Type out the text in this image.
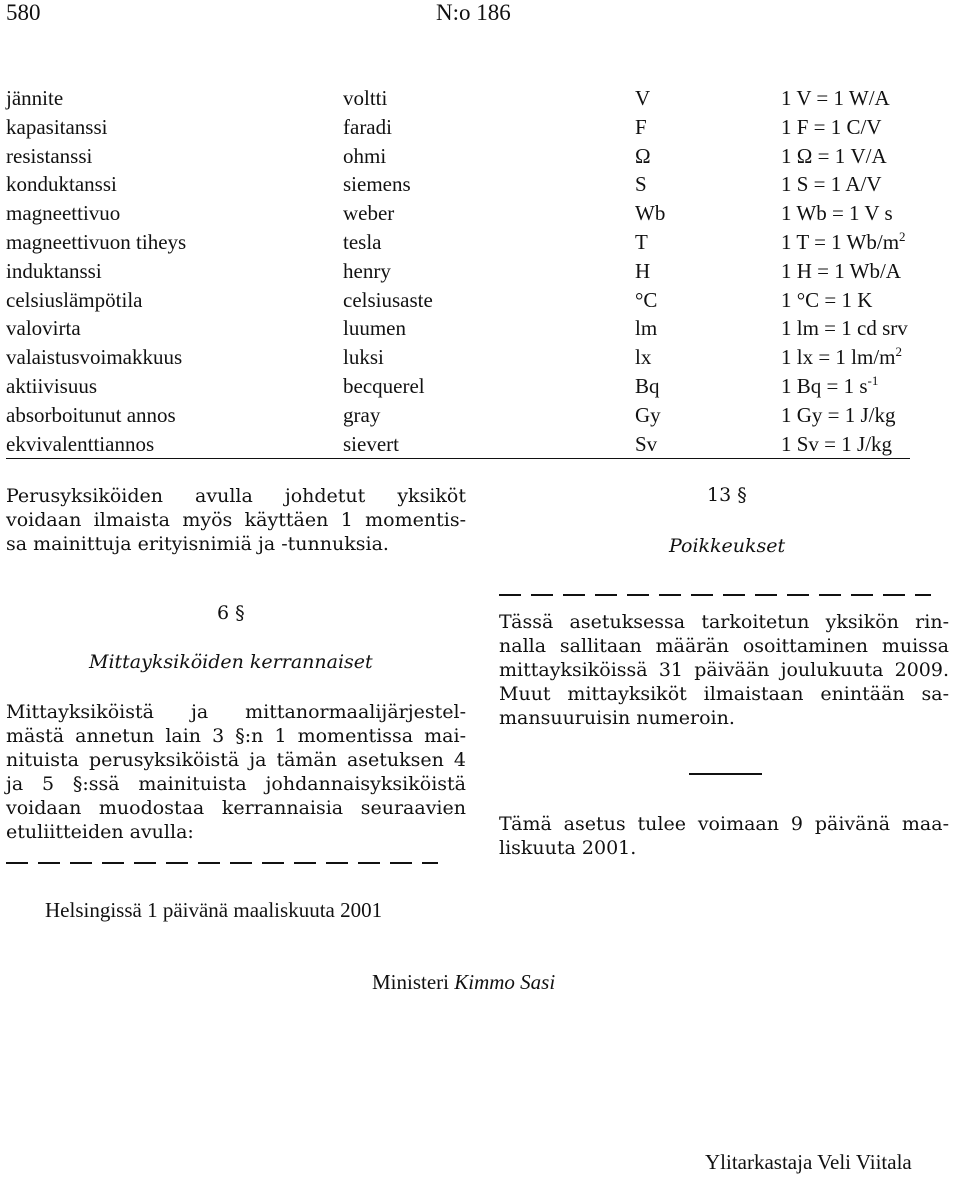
580	N:o 186
jännite	voltti	V	1 V = 1 W/A
kapasitanssi	faradi	F	1 F = 1 C/V
resistanssi	ohmi	Ω	1 Ω = 1 V/A
konduktanssi	siemens	S	1 S = 1 A/V
magneettivuo	weber	Wb	1 Wb = 1 V s
magneettivuon tiheys	tesla	T	1 T = 1 $Wb/m^2$
induktanssi	henry	H	1 H = 1 Wb/A
celsiuslämpötila	celsiusaste	°C	1 °C = 1 K
valovirta	luumen	lm	1 lm = 1 cd srv
valaistusvoimakkuus	luksi	lx	1 lx = 1 $lm/m^2$
aktiivisuus	becquerel	Bq	1 Bq = 1 $s^{-1}$
absorboitunut annos	gray	Gy	1 Gy = 1 J/kg
ekvivalenttiannos	sievert	Sv	1 Sv = 1 J/kg
Perusyksiköiden avulla johdetut yksiköt
voidaan ilmaista myös käyttäen 1 momentis-
sa mainittuja erityisnimiä ja -tunnuksia.
6 §
Mittayksiköiden kerrannaiset
Mittayksiköistä ja mittanormaalijärjestel-
mästä annetun lain 3 §:n 1 momentissa mai-
nituista perusyksiköistä ja tämän asetuksen 4
ja 5 §:ssä mainituista johdannaisyksiköistä
voidaan muodostaa kerrannaisia seuraavien
etuliitteiden avulla:
13 §
Poikkeukset
Tässä asetuksessa tarkoitetun yksikön rin-
nalla sallitaan määrän osoittaminen muissa
mittayksiköissä 31 päivään joulukuuta 2009.
Muut mittayksiköt ilmaistaan enintään sa-
mansuuruisin numeroin.
Tämä asetus tulee voimaan 9 päivänä maa-
liskuuta 2001.
Helsingissä 1 päivänä maaliskuuta 2001
Ministeri Kimmo Sasi
Ylitarkastaja Veli Viitala
